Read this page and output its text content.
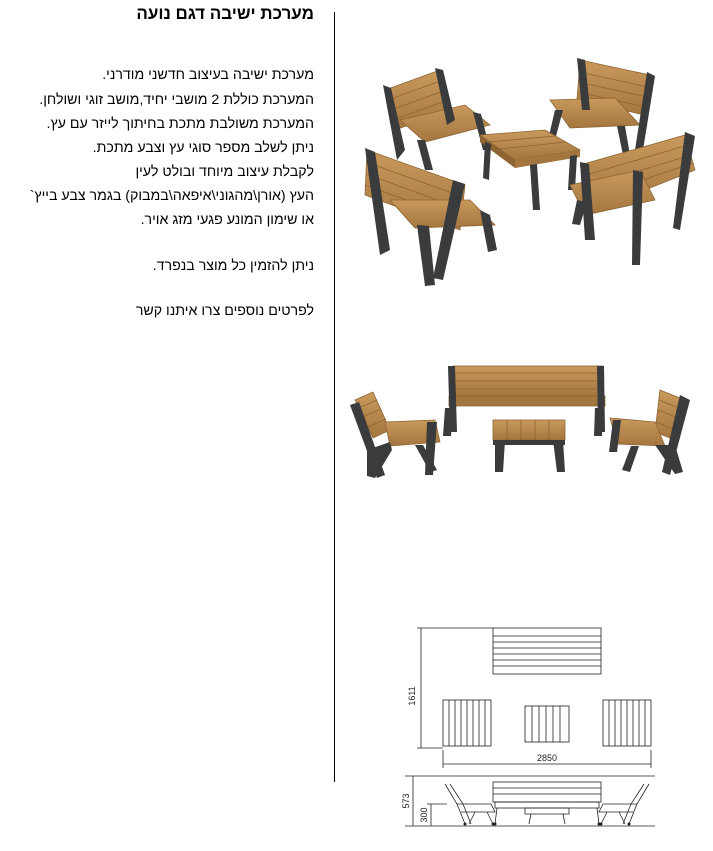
מערכת ישיבה דגם נועה

מערכת ישיבה בעיצוב חדשני מודרני.

המערכת כוללת 2 מושבי יחיד,מושב זוגי ושולחן.

המערכת משולבת מתכת בחיתוך לייזר עם עץ.

ניתן לשלב מספר סוגי עץ וצבע מתכת.

לקבלת עיצוב מיוחד ובולט לעין

העץ (אורן\מהגוני\איפאה\במבוק) בגמר צבע בייץ`

או שימון המונע פגעי מזג אויר.

ניתן להזמין כל מוצר בנפרד.

לפרטים נוספים צרו איתנו קשר

1611
2850
573
300
